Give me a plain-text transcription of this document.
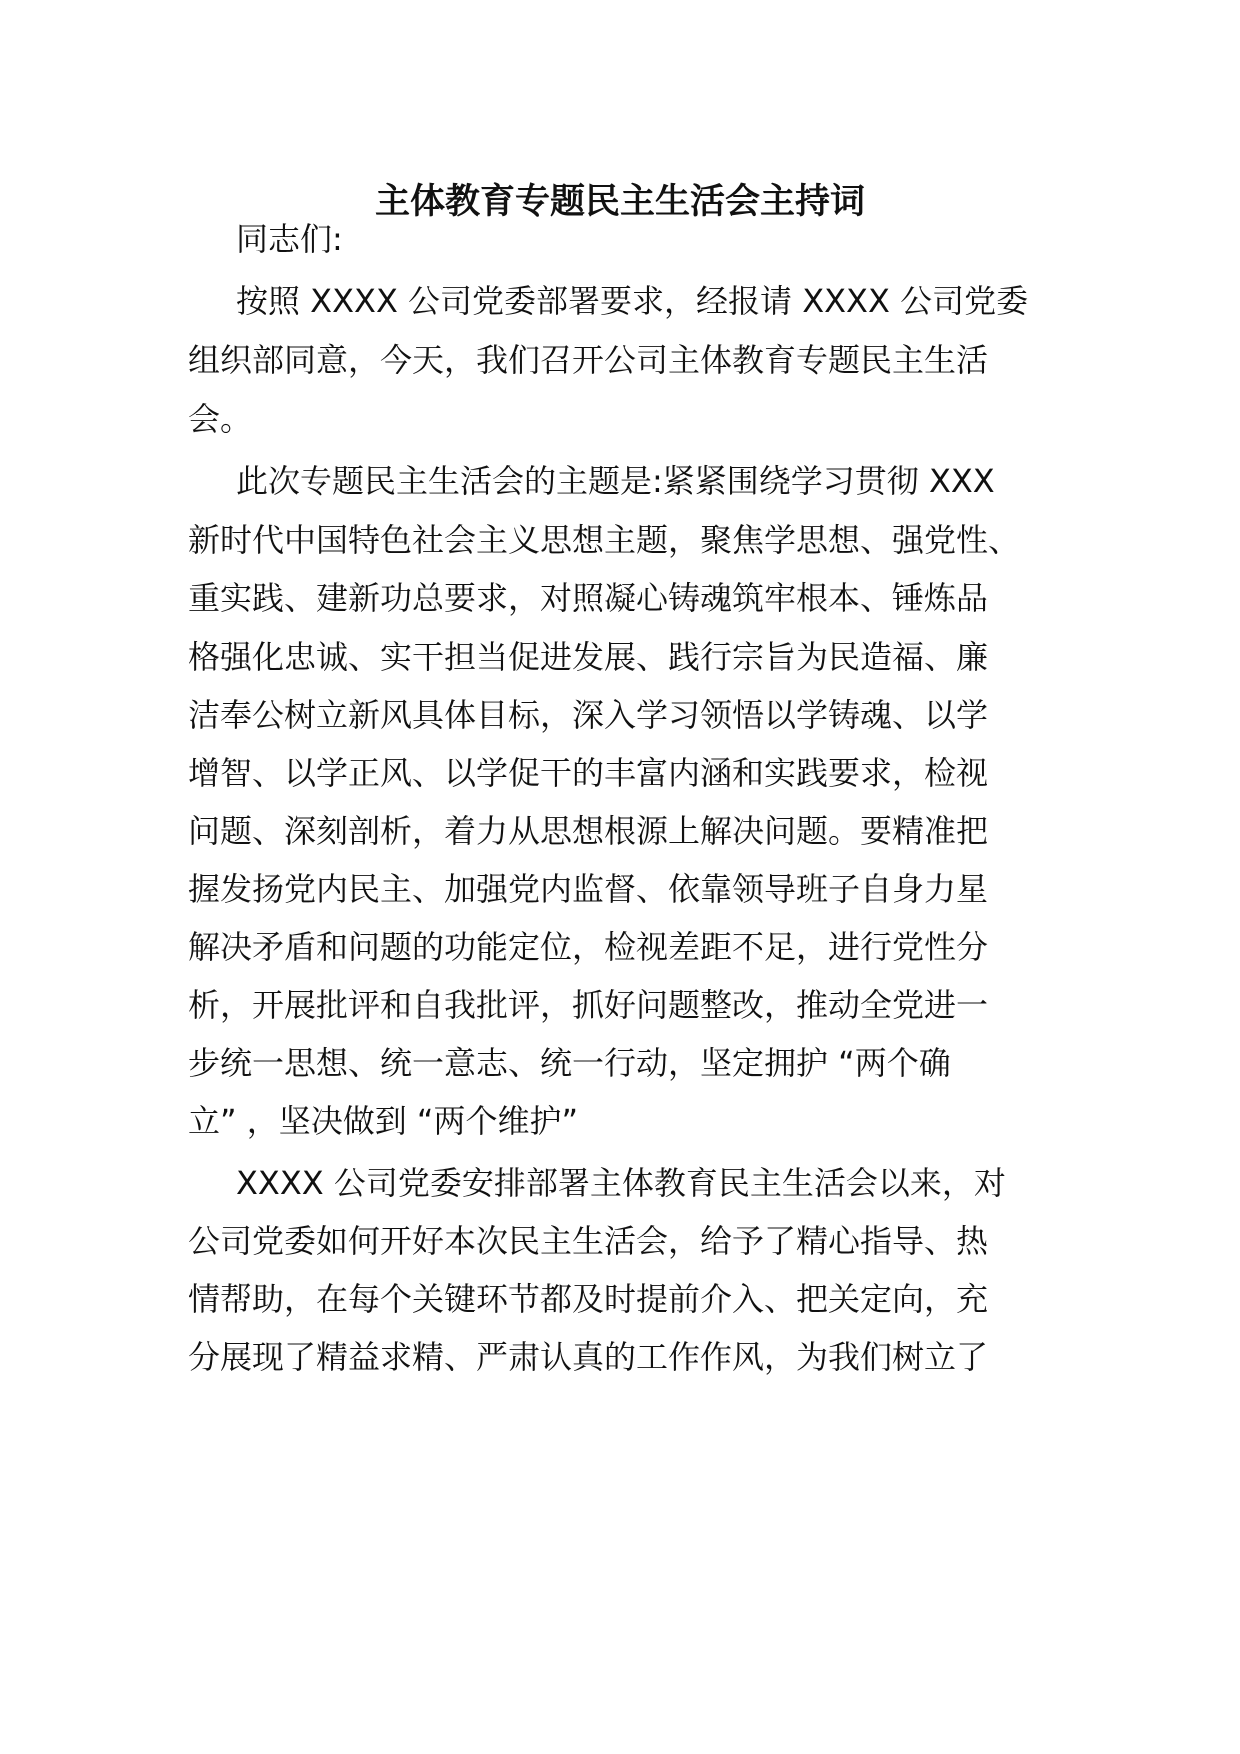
主体教育专题民主生活会主持词

同志们:

按照 XXXX 公司党委部署要求，经报请 XXXX 公司党委

组织部同意，今天，我们召开公司主体教育专题民主生活

会。

此次专题民主生活会的主题是:紧紧围绕学习贯彻 XXX

新时代中国特色社会主义思想主题，聚焦学思想、强党性、

重实践、建新功总要求，对照凝心铸魂筑牢根本、锤炼品

格强化忠诚、实干担当促进发展、践行宗旨为民造福、廉

洁奉公树立新风具体目标，深入学习领悟以学铸魂、以学

增智、以学正风、以学促干的丰富内涵和实践要求，检视

问题、深刻剖析，着力从思想根源上解决问题。要精准把

握发扬党内民主、加强党内监督、依靠领导班子自身力星

解决矛盾和问题的功能定位，检视差距不足，进行党性分

析，开展批评和自我批评，抓好问题整改，推动全党进一

步统一思想、统一意志、统一行动，坚定拥护 “两个确

立” ，坚决做到 “两个维护”

XXXX 公司党委安排部署主体教育民主生活会以来，对

公司党委如何开好本次民主生活会，给予了精心指导、热

情帮助，在每个关键环节都及时提前介入、把关定向，充

分展现了精益求精、严肃认真的工作作风，为我们树立了
